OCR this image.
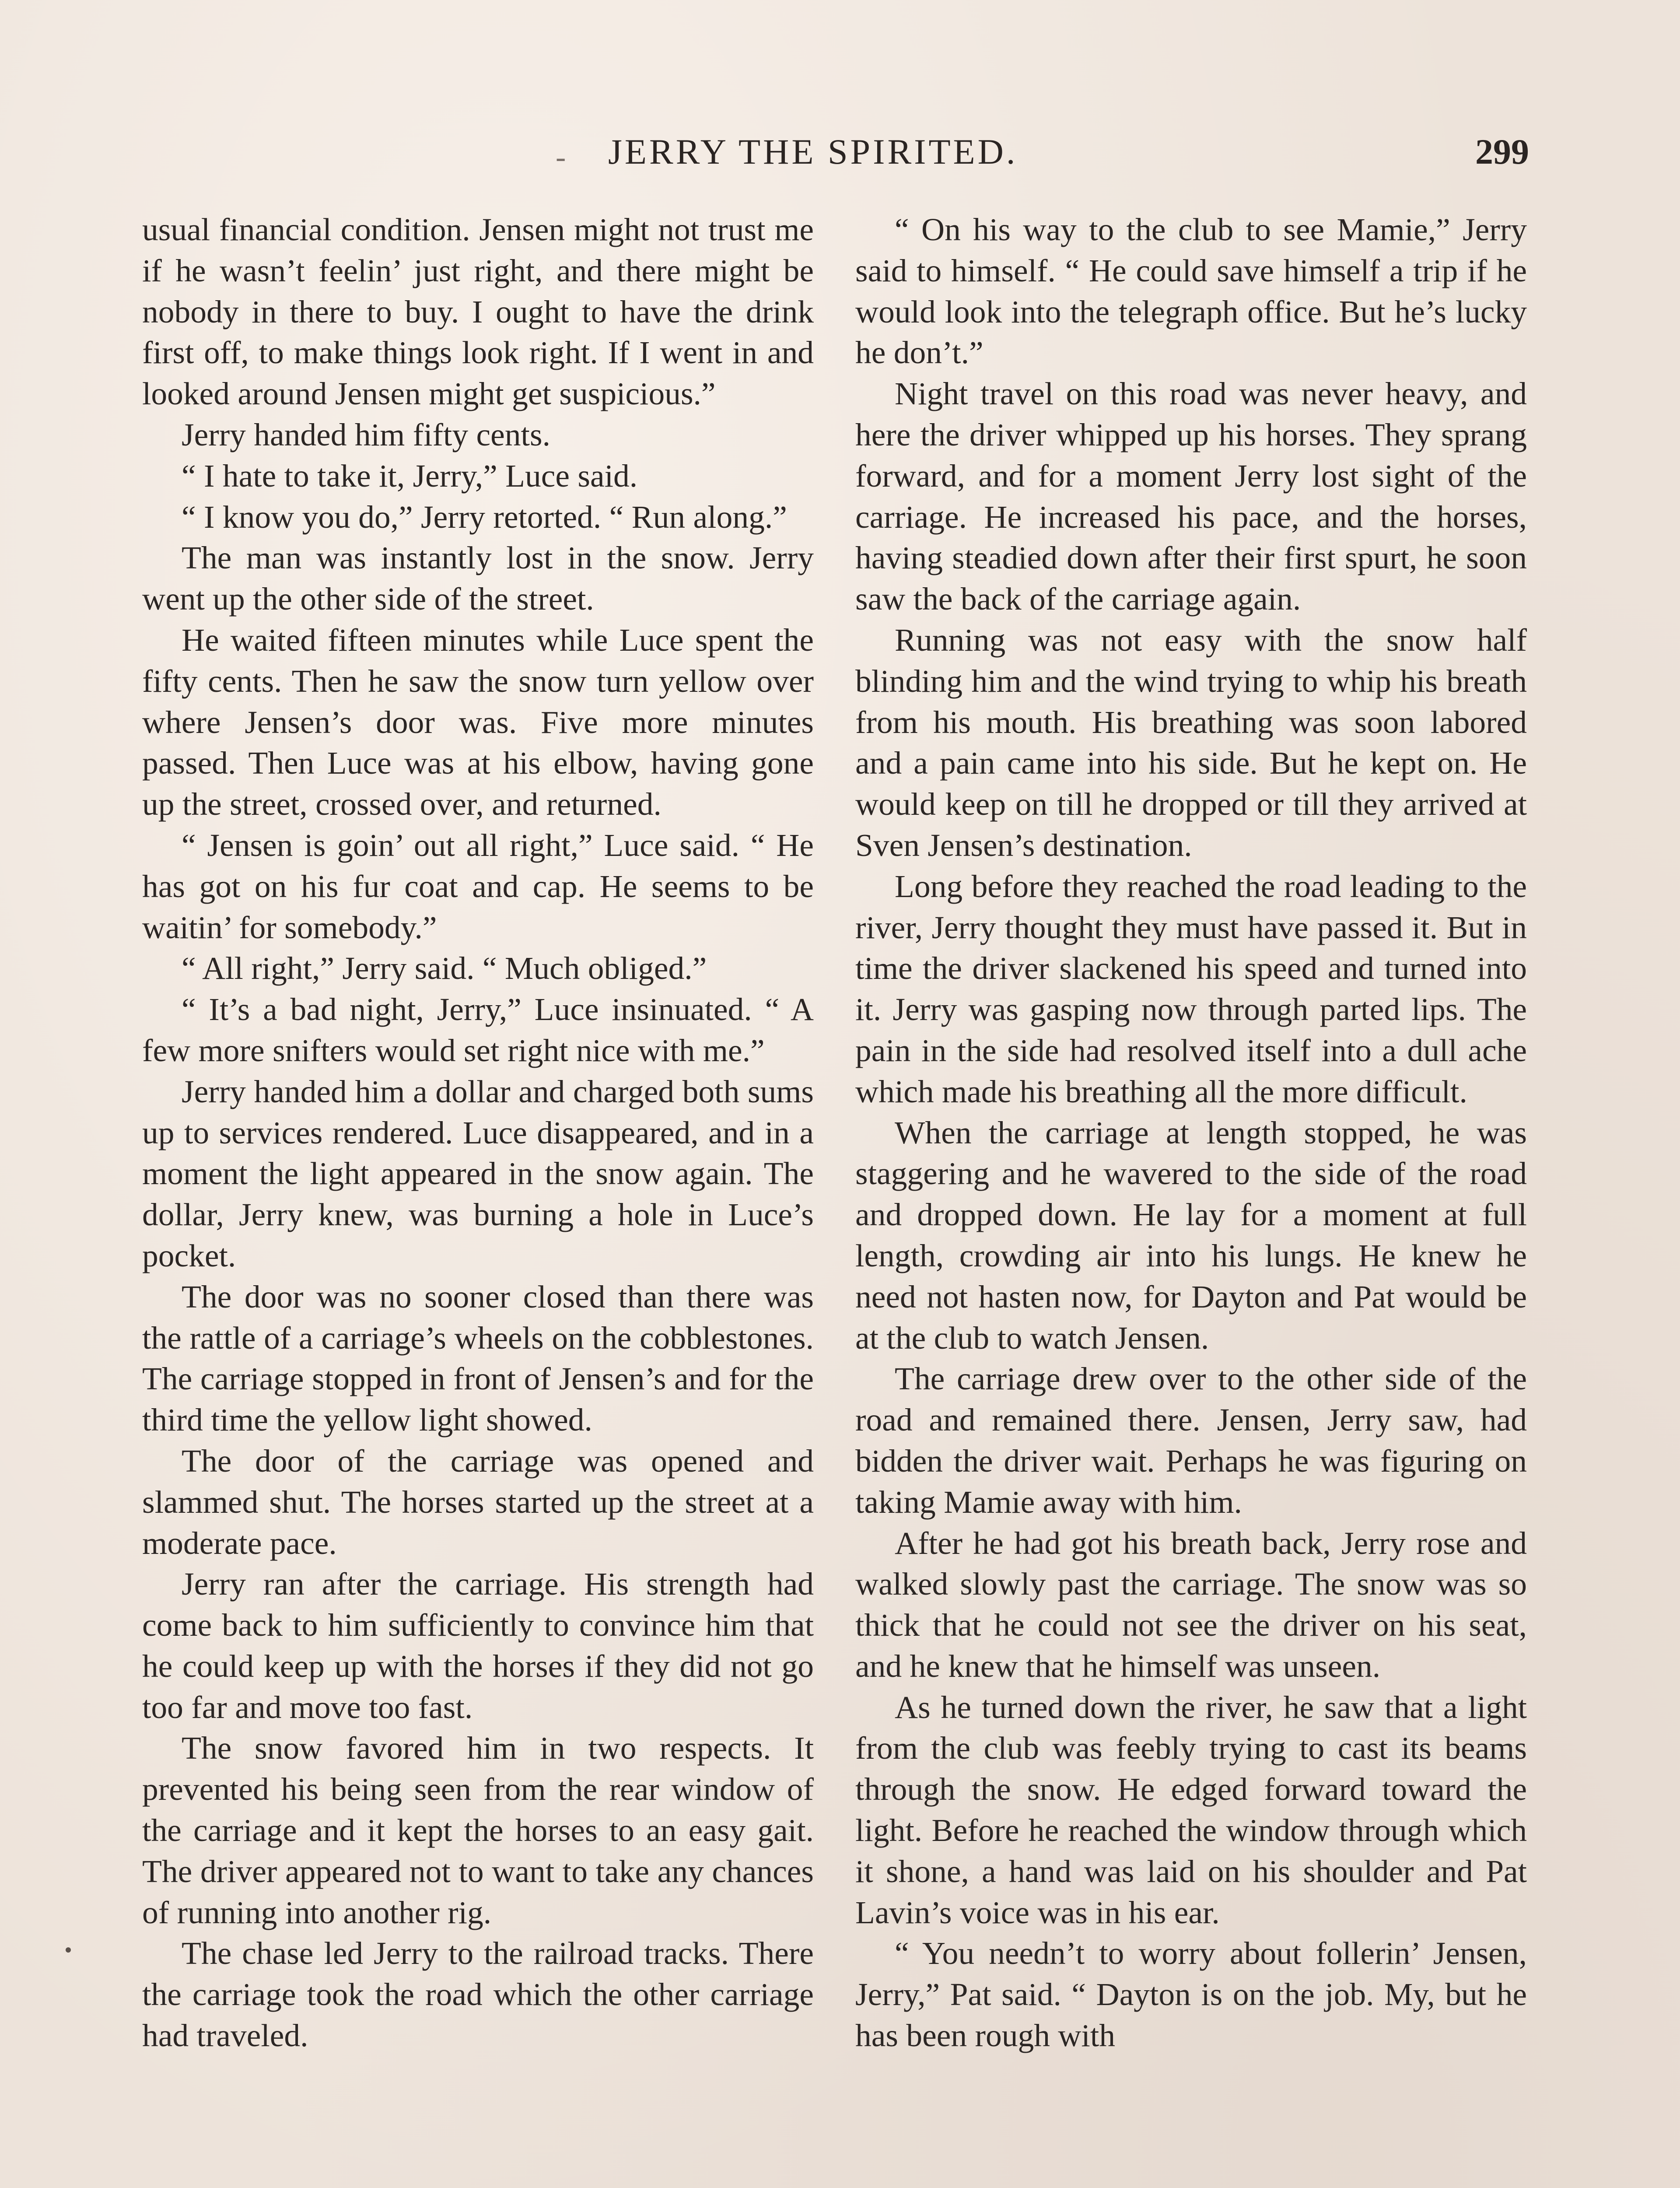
- JERRY THE SPIRITED.	299

usual financial condition. Jensen might not trust me if he wasn’t feelin’ just right, and there might be nobody in there to buy. I ought to have the drink first off, to make things look right. If I went in and looked around Jensen might get suspicious.”

Jerry handed him fifty cents.

“ I hate to take it, Jerry,” Luce said.

“ I know you do,” Jerry retorted. “ Run along.”

The man was instantly lost in the snow. Jerry went up the other side of the street.

He waited fifteen minutes while Luce spent the fifty cents. Then he saw the snow turn yellow over where Jensen’s door was. Five more minutes passed. Then Luce was at his elbow, having gone up the street, crossed over, and returned.

“ Jensen is goin’ out all right,” Luce said. “ He has got on his fur coat and cap. He seems to be waitin’ for somebody.”

“ All right,” Jerry said. “ Much obliged.”

“ It’s a bad night, Jerry,” Luce insinuated. “ A few more snifters would set right nice with me.”

Jerry handed him a dollar and charged both sums up to services rendered. Luce disappeared, and in a moment the light appeared in the snow again. The dollar, Jerry knew, was burning a hole in Luce’s pocket.

The door was no sooner closed than there was the rattle of a carriage’s wheels on the cobblestones. The carriage stopped in front of Jensen’s and for the third time the yellow light showed.

The door of the carriage was opened and slammed shut. The horses started up the street at a moderate pace.

Jerry ran after the carriage. His strength had come back to him sufficiently to convince him that he could keep up with the horses if they did not go too far and move too fast.

The snow favored him in two respects. It prevented his being seen from the rear window of the carriage and it kept the horses to an easy gait. The driver appeared not to want to take any chances of running into another rig.

The chase led Jerry to the railroad tracks. There the carriage took the road which the other carriage had traveled.

“ On his way to the club to see Mamie,” Jerry said to himself. “ He could save himself a trip if he would look into the telegraph office. But he’s lucky he don’t.”

Night travel on this road was never heavy, and here the driver whipped up his horses. They sprang forward, and for a moment Jerry lost sight of the carriage. He increased his pace, and the horses, having steadied down after their first spurt, he soon saw the back of the carriage again.

Running was not easy with the snow half blinding him and the wind trying to whip his breath from his mouth. His breathing was soon labored and a pain came into his side. But he kept on. He would keep on till he dropped or till they arrived at Sven Jensen’s destination.

Long before they reached the road leading to the river, Jerry thought they must have passed it. But in time the driver slackened his speed and turned into it. Jerry was gasping now through parted lips. The pain in the side had resolved itself into a dull ache which made his breathing all the more difficult.

When the carriage at length stopped, he was staggering and he wavered to the side of the road and dropped down. He lay for a moment at full length, crowding air into his lungs. He knew he need not hasten now, for Dayton and Pat would be at the club to watch Jensen.

The carriage drew over to the other side of the road and remained there. Jensen, Jerry saw, had bidden the driver wait. Perhaps he was figuring on taking Mamie away with him.

After he had got his breath back, Jerry rose and walked slowly past the carriage. The snow was so thick that he could not see the driver on his seat, and he knew that he himself was unseen.

As he turned down the river, he saw that a light from the club was feebly trying to cast its beams through the snow. He edged forward toward the light. Before he reached the window through which it shone, a hand was laid on his shoulder and Pat Lavin’s voice was in his ear.

“ You needn’t to worry about follerin’ Jensen, Jerry,” Pat said. “ Dayton is on the job. My, but he has been rough with
